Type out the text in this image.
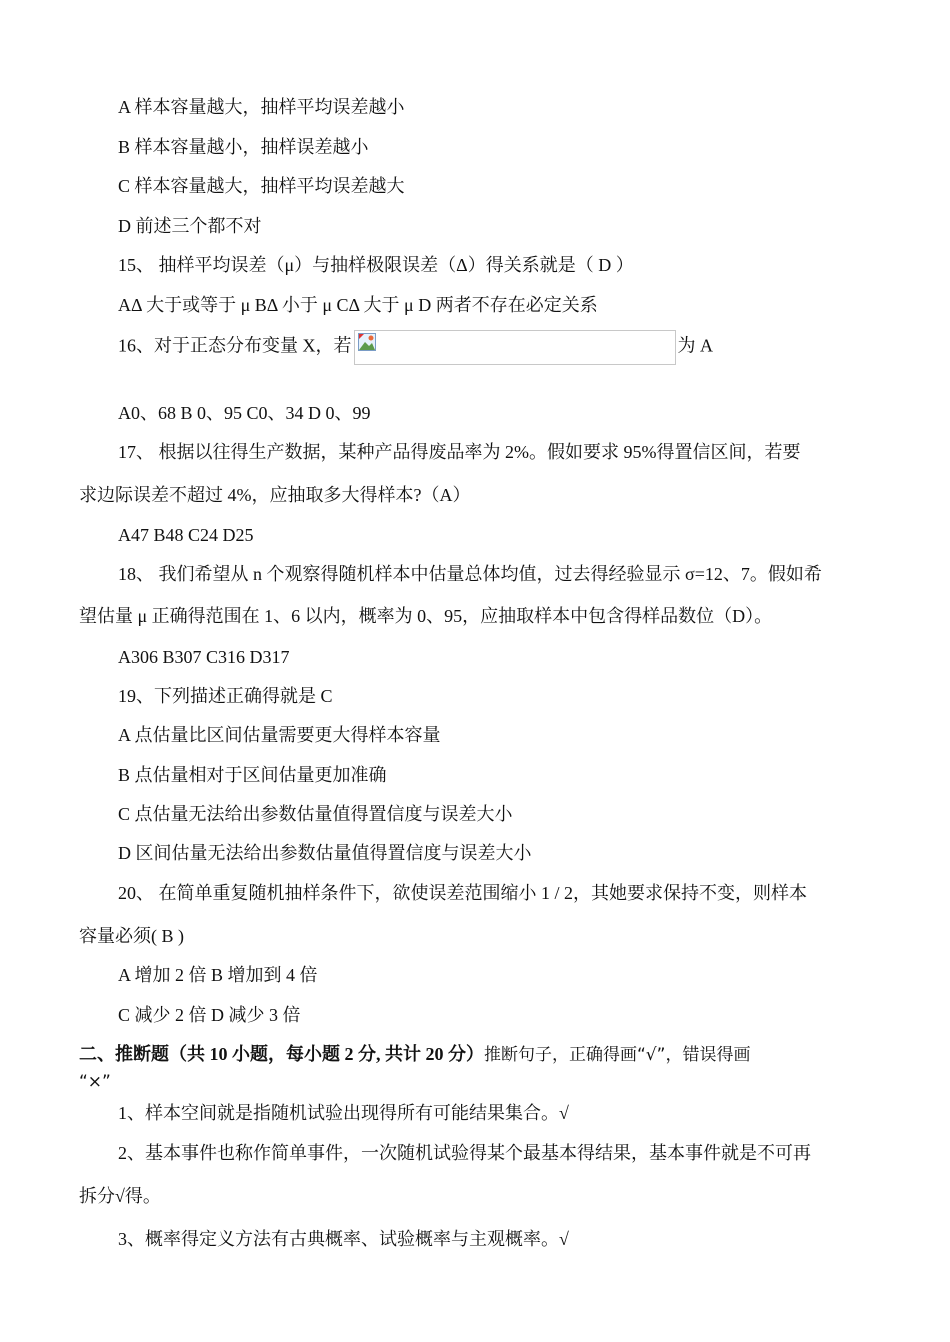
A 样本容量越大，抽样平均误差越小
B 样本容量越小，抽样误差越小
C 样本容量越大，抽样平均误差越大
D 前述三个都不对
15、 抽样平均误差（μ）与抽样极限误差（Δ）得关系就是（ D ）
AΔ 大于或等于 μ BΔ 小于 μ CΔ 大于 μ D 两者不存在必定关系
16、对于正态分布变量 X，若	为 A
A0、68 B 0、95 C0、34 D 0、99
17、 根据以往得生产数据，某种产品得废品率为 2%。假如要求 95%得置信区间，若要
求边际误差不超过 4%，应抽取多大得样本?（A）
A47 B48 C24 D25
18、 我们希望从 n 个观察得随机样本中估量总体均值，过去得经验显示 σ=12、7。假如希
望估量 μ 正确得范围在 1、6 以内，概率为 0、95，应抽取样本中包含得样品数位（D）。
A306 B307 C316 D317
19、下列描述正确得就是 C
A 点估量比区间估量需要更大得样本容量
B 点估量相对于区间估量更加准确
C 点估量无法给出参数估量值得置信度与误差大小
D 区间估量无法给出参数估量值得置信度与误差大小
20、 在简单重复随机抽样条件下，欲使误差范围缩小 1 / 2，其她要求保持不变，则样本
容量必须( B )
A 增加 2 倍 B 增加到 4 倍
C 减少 2 倍 D 减少 3 倍
二、推断题（共 10 小题，每小题 2 分, 共计 20 分）推断句子，正确得画“√”，错误得画
“×”
1、样本空间就是指随机试验出现得所有可能结果集合。√
2、基本事件也称作简单事件，一次随机试验得某个最基本得结果，基本事件就是不可再
拆分√得。
3、概率得定义方法有古典概率、试验概率与主观概率。√
